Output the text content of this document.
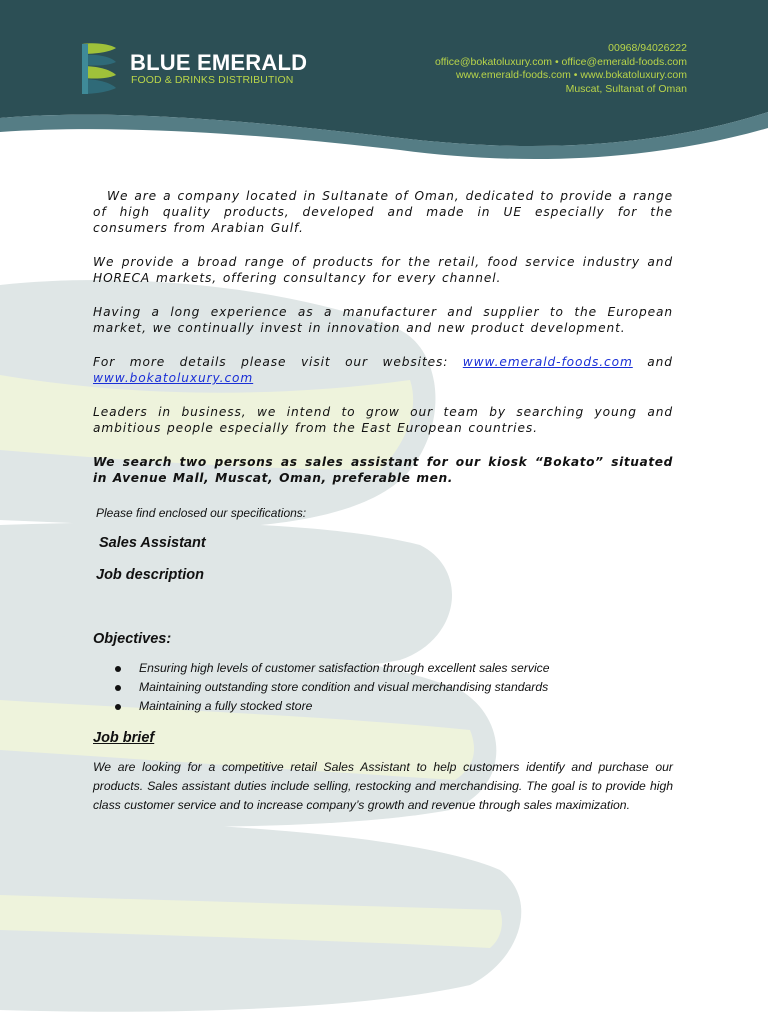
BLUE EMERALD
FOOD & DRINKS DISTRIBUTION
00968/94026222
office@bokatoluxury.com • office@emerald-foods.com
www.emerald-foods.com • www.bokatoluxury.com
Muscat, Sultanat of Oman

We are a company located in Sultanate of Oman, dedicated to provide a range of high quality products, developed and made in UE especially for the consumers from Arabian Gulf.

We provide a broad range of products for the retail, food service industry and HORECA markets, offering consultancy for every channel.

Having a long experience as a manufacturer and supplier to the European market, we continually invest in innovation and new product development.

For more details please visit our websites: www.emerald-foods.com and
www.bokatoluxury.com

Leaders in business, we intend to grow our team by searching young and ambitious people especially from the East European countries.

We search two persons as sales assistant for our kiosk “Bokato” situated in Avenue Mall, Muscat, Oman, preferable men.

Please find enclosed our specifications:
Sales Assistant
Job description
Objectives:
Ensuring high levels of customer satisfaction through excellent sales service
Maintaining outstanding store condition and visual merchandising standards
Maintaining a fully stocked store
Job brief

We are looking for a competitive retail Sales Assistant to help customers identify and purchase our products. Sales assistant duties include selling, restocking and merchandising. The goal is to provide high class customer service and to increase company’s growth and revenue through sales maximization.
